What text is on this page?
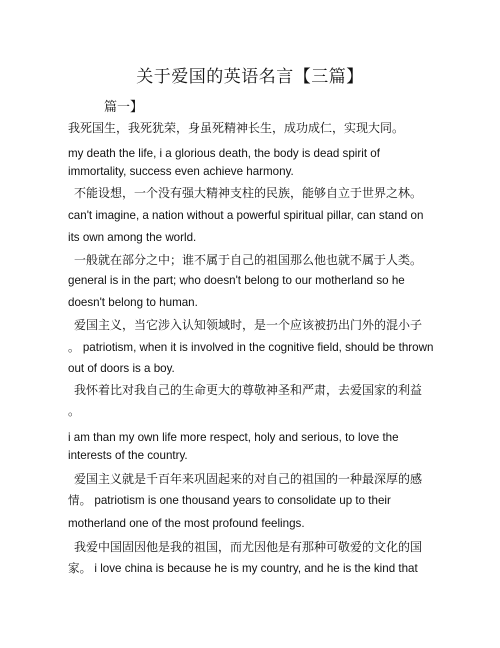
关于爱国的英语名言【三篇】
篇一】
我死国生，我死犹荣，身虽死精神长生，成功成仁，实现大同。
my death the life, i a glorious death, the body is dead spirit of
immortality, success even achieve harmony.
不能设想，一个没有强大精神支柱的民族，能够自立于世界之林。
can't imagine, a nation without a powerful spiritual pillar, can stand on
its own among the world.
一般就在部分之中；谁不属于自己的祖国那么他也就不属于人类。
general is in the part; who doesn't belong to our motherland so he
doesn't belong to human.
爱国主义，当它涉入认知领域时，是一个应该被扔出门外的混小子
。 patriotism, when it is involved in the cognitive field, should be thrown
out of doors is a boy.
我怀着比对我自己的生命更大的尊敬神圣和严肃，去爱国家的利益
。
i am than my own life more respect, holy and serious, to love the
interests of the country.
爱国主义就是千百年来巩固起来的对自己的祖国的一种最深厚的感
情。 patriotism is one thousand years to consolidate up to their
motherland one of the most profound feelings.
我爱中国固因他是我的祖国，而尤因他是有那种可敬爱的文化的国
家。 i love china is because he is my country, and he is the kind that
